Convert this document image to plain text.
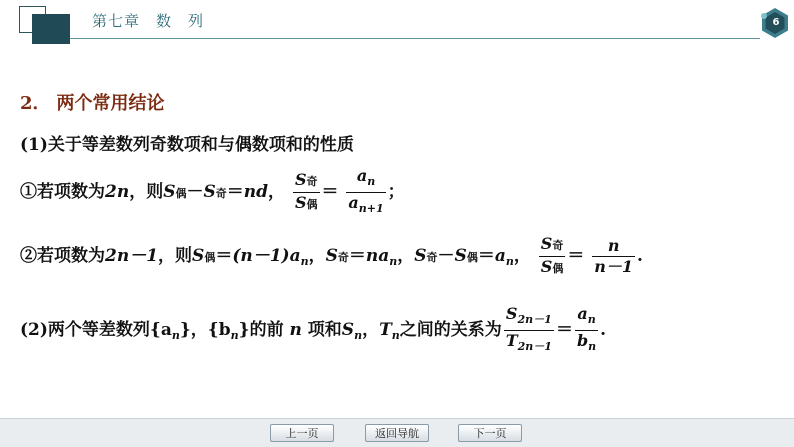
第七章　数　列	6
2． 两个常用结论
(1)关于等差数列奇数项和与偶数项和的性质
①若项数为2n，则S偶－S奇＝nd， $\frac{\text{S奇}}{\text{S偶}} = \frac{a_n}{a_{n+1}}$ ；
②若项数为2n－1，则S偶$=(n-1)a_n$，S奇$=na_n$，S奇－S偶$=a_n$， $\frac{\text{S奇}}{\text{S偶}} = \frac{n}{n-1}$ .
(2)两个等差数列$\{a_n\}$，$\{b_n\}$的前 n 项和$S_n$，$T_n$之间的关系为 $\frac{S_{2n-1}}{T_{2n-1}} = \frac{a_n}{b_n}$ .
上一页	返回导航	下一页
